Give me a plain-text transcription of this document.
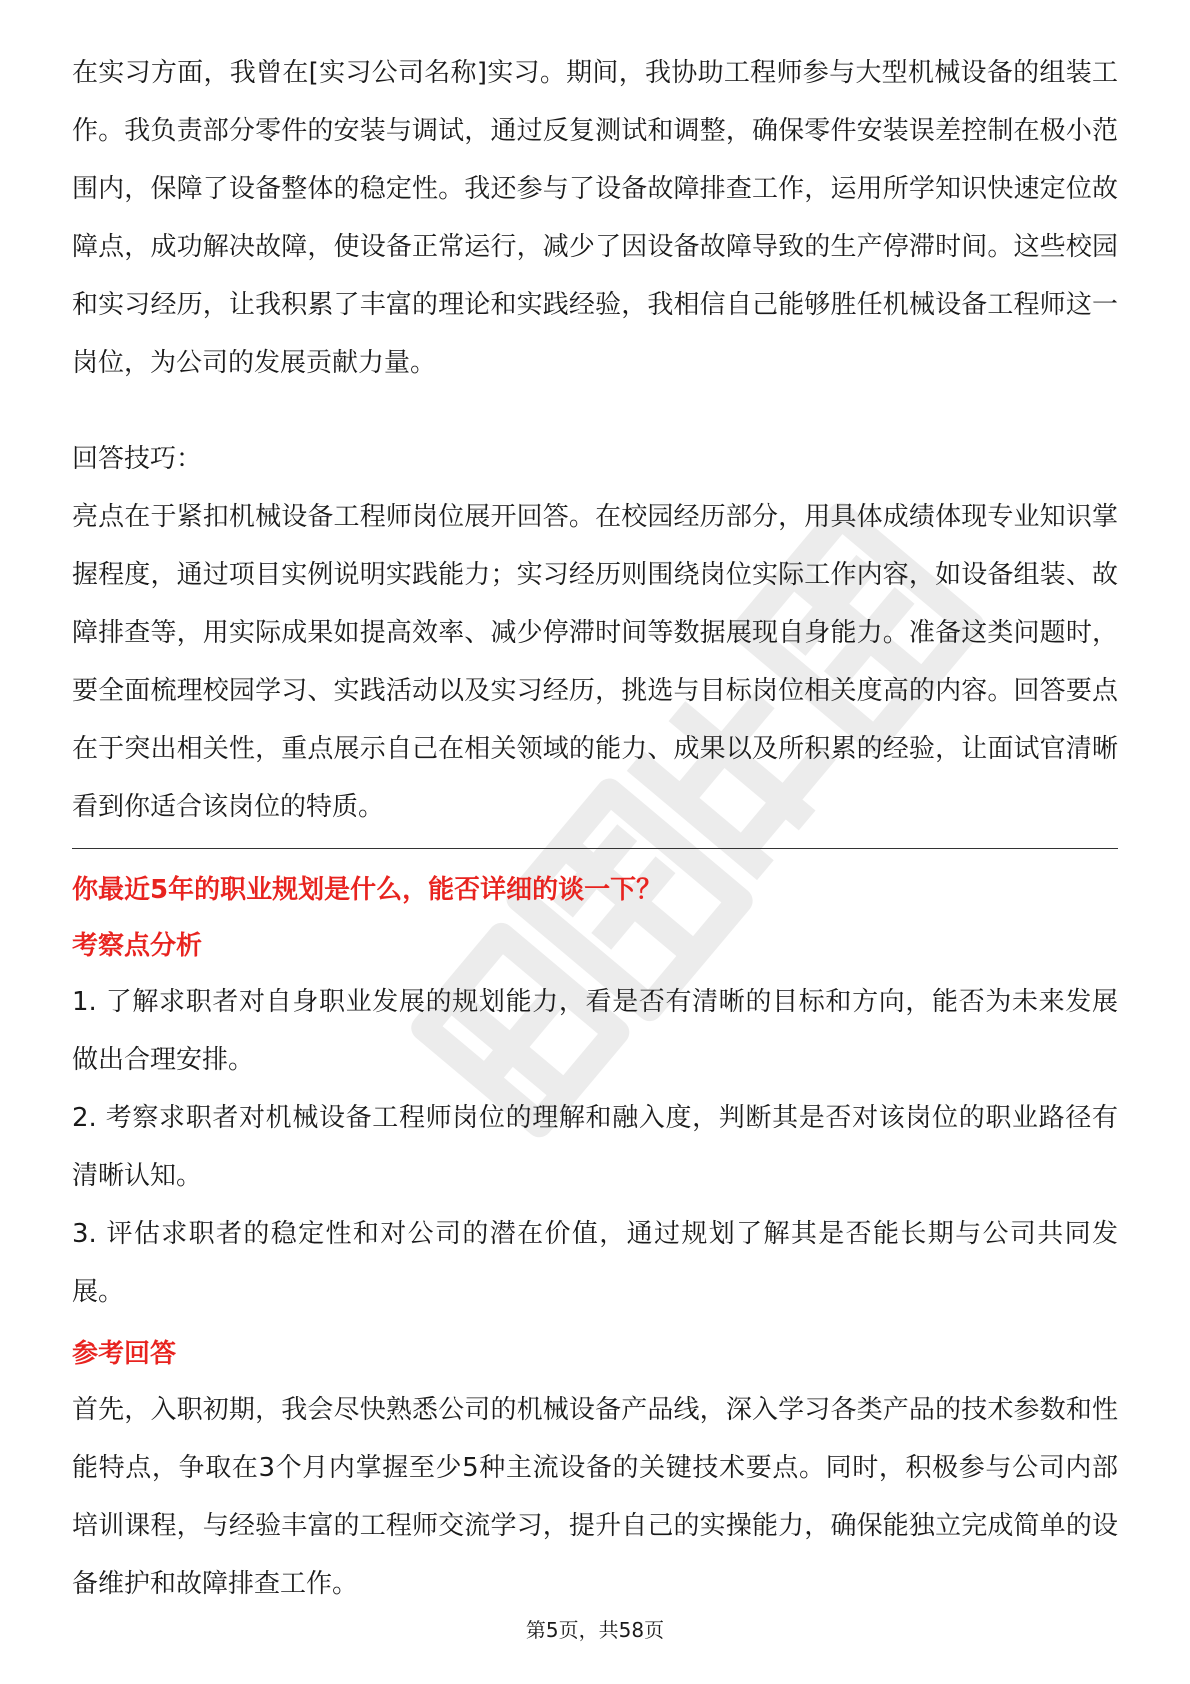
在实习方面，我曾在[实习公司名称]实习。期间，我协助工程师参与大型机械设备的组装工作。我负责部分零件的安装与调试，通过反复测试和调整，确保零件安装误差控制在极小范围内，保障了设备整体的稳定性。我还参与了设备故障排查工作，运用所学知识快速定位故障点，成功解决故障，使设备正常运行，减少了因设备故障导致的生产停滞时间。这些校园和实习经历，让我积累了丰富的理论和实践经验，我相信自己能够胜任机械设备工程师这一岗位，为公司的发展贡献力量。

回答技巧：

亮点在于紧扣机械设备工程师岗位展开回答。在校园经历部分，用具体成绩体现专业知识掌握程度，通过项目实例说明实践能力；实习经历则围绕岗位实际工作内容，如设备组装、故障排查等，用实际成果如提高效率、减少停滞时间等数据展现自身能力。准备这类问题时，要全面梳理校园学习、实践活动以及实习经历，挑选与目标岗位相关度高的内容。回答要点在于突出相关性，重点展示自己在相关领域的能力、成果以及所积累的经验，让面试官清晰看到你适合该岗位的特质。

你最近5年的职业规划是什么，能否详细的谈一下？

考察点分析

1. 了解求职者对自身职业发展的规划能力，看是否有清晰的目标和方向，能否为未来发展做出合理安排。

2. 考察求职者对机械设备工程师岗位的理解和融入度，判断其是否对该岗位的职业路径有清晰认知。

3. 评估求职者的稳定性和对公司的潜在价值，通过规划了解其是否能长期与公司共同发展。

参考回答

首先，入职初期，我会尽快熟悉公司的机械设备产品线，深入学习各类产品的技术参数和性能特点，争取在3个月内掌握至少5种主流设备的关键技术要点。同时，积极参与公司内部培训课程，与经验丰富的工程师交流学习，提升自己的实操能力，确保能独立完成简单的设备维护和故障排查工作。

第5页，共58页
